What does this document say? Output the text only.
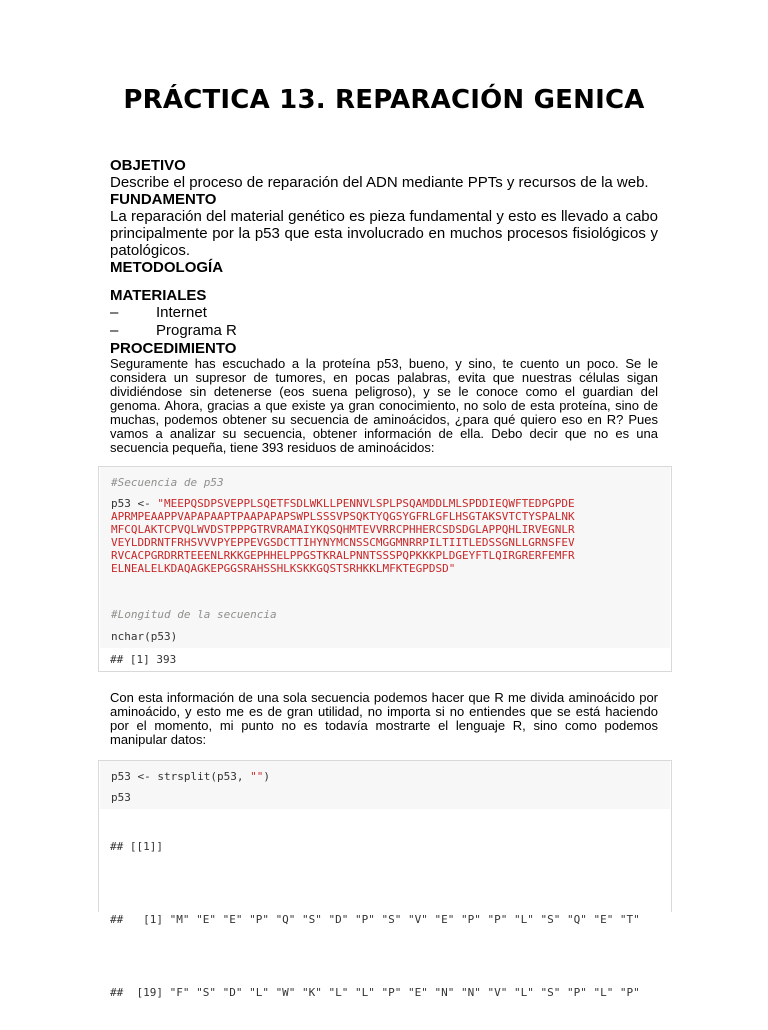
PRÁCTICA 13. REPARACIÓN GENICA
OBJETIVO
Describe el proceso de reparación del ADN mediante PPTs y recursos de la web.
FUNDAMENTO
La reparación del material genético es pieza fundamental y esto es llevado a cabo principalmente por la p53 que esta involucrado en muchos procesos fisiológicos y patológicos.
METODOLOGÍA
MATERIALES
–	Internet
–	Programa R
PROCEDIMIENTO
Seguramente has escuchado a la proteína p53, bueno, y sino, te cuento un poco. Se le considera un supresor de tumores, en pocas palabras, evita que nuestras células sigan dividiéndose sin detenerse (eos suena peligroso), y se le conoce como el guardian del genoma. Ahora, gracias a que existe ya gran conocimiento, no solo de esta proteína, sino de muchas, podemos obtener su secuencia de aminoácidos, ¿para qué quiero eso en R? Pues vamos a analizar su secuencia, obtener información de ella. Debo decir que no es una secuencia pequeña, tiene 393 residuos de aminoácidos:
#Secuencia de p53
p53 <- "MEEPQSDPSVEPPLSQETFSDLWKLLPENNVLSPLPSQAMDDLMLSPDDIEQWFTEDPGPDE
APRMPEAAPPVAPAPAAPTPAAPAPAPSWPLSSSVPSQKTYQGSYGFRLGFLHSGTAKSVTCTYSPALNK
MFCQLAKTCPVQLWVDSTPPPGTRVRAMAIYKQSQHMTEVVRRCPHHERCSDSDGLAPPQHLIRVEGNLR
VEYLDDRNTFRHSVVVPYEPPEVGSDCTTIHYNYMCNSSCMGGMNRRPILTIITLEDSSGNLLGRNSFEV
RVCACPGRDRRTEEENLRKKGEPHHELPPGSTKRALPNNTSSSPQPKKKPLDGEYFTLQIRGRERFEMFR
ELNEALELKDAQAGKEPGGSRAHSSHLKSKKGQSTSRHKKLMFKTEGPDSD"
#Longitud de la secuencia
nchar(p53)
## [1] 393
Con esta información de una sola secuencia podemos hacer que R me divida aminoácido por aminoácido, y esto me es de gran utilidad, no importa si no entiendes que se está haciendo por el momento, mi punto no es todavía mostrarte el lenguaje R, sino como podemos manipular datos:
p53 <- strsplit(p53, "")
p53

## [[1]]

##   [1] "M" "E" "E" "P" "Q" "S" "D" "P" "S" "V" "E" "P" "P" "L" "S" "Q" "E" "T"

##  [19] "F" "S" "D" "L" "W" "K" "L" "L" "P" "E" "N" "N" "V" "L" "S" "P" "L" "P"
